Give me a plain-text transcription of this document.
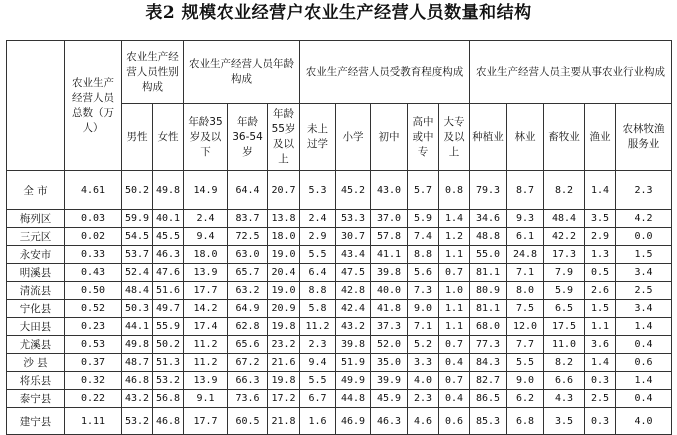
表2 规模农业经营户农业生产经营人员数量和结构
	农业生产经营人员总数（万人）	农业生产经营人员性别构成		农业生产经营人员年龄构成			农业生产经营人员受教育程度构成					农业生产经营人员主要从事农业行业构成				
		男性	女性	年龄35岁及以下	年龄36-54岁	年龄55岁及以上	未上过学	小学	初中	高中或中专	大专及以上	种植业	林业	畜牧业	渔业	农林牧渔服务业
全 市	4.61	50.2	49.8	14.9	64.4	20.7	5.3	45.2	43.0	5.7	0.8	79.3	8.7	8.2	1.4	2.3
梅列区	0.03	59.9	40.1	2.4	83.7	13.8	2.4	53.3	37.0	5.9	1.4	34.6	9.3	48.4	3.5	4.2
三元区	0.02	54.5	45.5	9.4	72.5	18.0	2.9	30.7	57.8	7.4	1.2	48.8	6.1	42.2	2.9	0.0
永安市	0.33	53.7	46.3	18.0	63.0	19.0	5.5	43.4	41.1	8.8	1.1	55.0	24.8	17.3	1.3	1.5
明溪县	0.43	52.4	47.6	13.9	65.7	20.4	6.4	47.5	39.8	5.6	0.7	81.1	7.1	7.9	0.5	3.4
清流县	0.50	48.4	51.6	17.7	63.2	19.0	8.8	42.8	40.0	7.3	1.0	80.9	8.0	5.9	2.6	2.5
宁化县	0.52	50.3	49.7	14.2	64.9	20.9	5.8	42.4	41.8	9.0	1.1	81.1	7.5	6.5	1.5	3.4
大田县	0.23	44.1	55.9	17.4	62.8	19.8	11.2	43.2	37.3	7.1	1.1	68.0	12.0	17.5	1.1	1.4
尤溪县	0.53	49.8	50.2	11.2	65.6	23.2	2.3	39.8	52.0	5.2	0.7	77.3	7.7	11.0	3.6	0.4
沙 县	0.37	48.7	51.3	11.2	67.2	21.6	9.4	51.9	35.0	3.3	0.4	84.3	5.5	8.2	1.4	0.6
将乐县	0.32	46.8	53.2	13.9	66.3	19.8	5.5	49.9	39.9	4.0	0.7	82.7	9.0	6.6	0.3	1.4
泰宁县	0.22	43.2	56.8	9.1	73.6	17.2	6.7	44.8	45.9	2.3	0.4	86.5	6.2	4.3	2.5	0.4
建宁县	1.11	53.2	46.8	17.7	60.5	21.8	1.6	46.9	46.3	4.6	0.6	85.3	6.8	3.5	0.3	4.0
